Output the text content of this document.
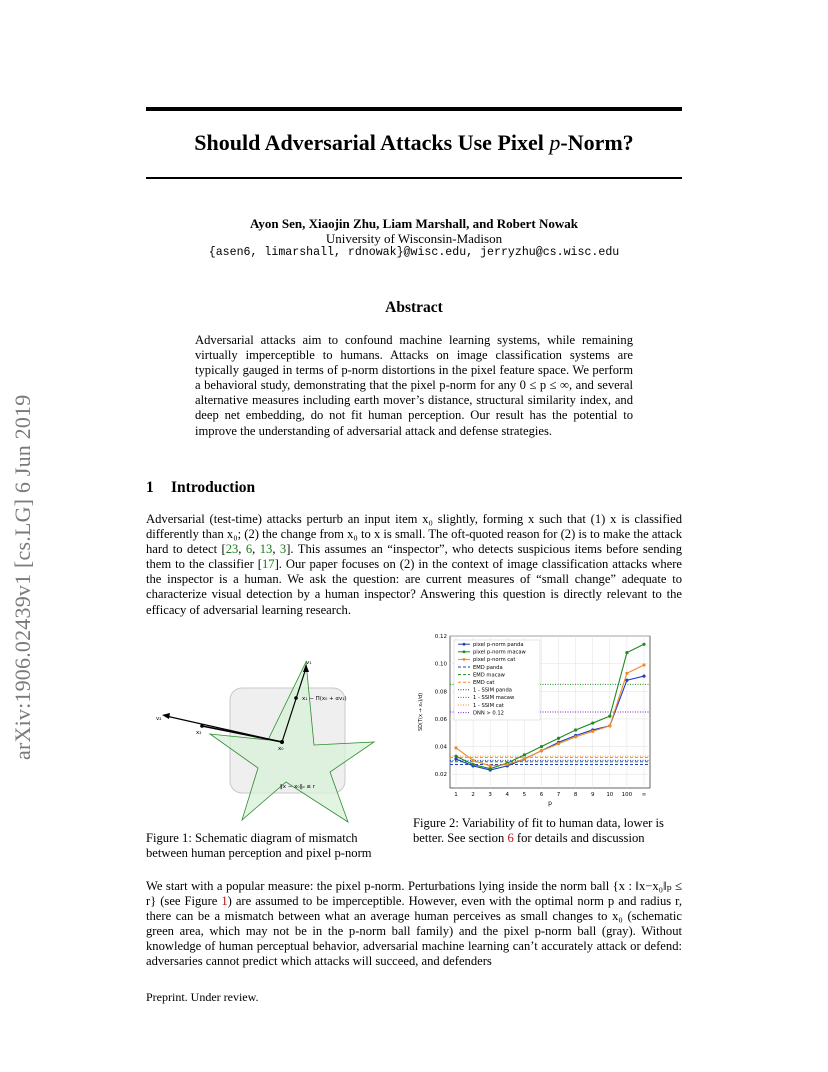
arXiv:1906.02439v1 [cs.LG] 6 Jun 2019
Should Adversarial Attacks Use Pixel p-Norm?
Ayon Sen, Xiaojin Zhu, Liam Marshall, and Robert Nowak
University of Wisconsin-Madison
{asen6, limarshall, rdnowak}@wisc.edu, jerryzhu@cs.wisc.edu
Abstract
Adversarial attacks aim to confound machine learning systems, while remaining virtually imperceptible to humans. Attacks on image classification systems are typically gauged in terms of p-norm distortions in the pixel feature space. We perform a behavioral study, demonstrating that the pixel p-norm for any 0 ≤ p ≤ ∞, and several alternative measures including earth mover’s distance, structural similarity index, and deep net embedding, do not fit human perception. Our result has the potential to improve the understanding of adversarial attack and defense strategies.
1 Introduction
Adversarial (test-time) attacks perturb an input item x₀ slightly, forming x such that (1) x is classified differently than x₀; (2) the change from x₀ to x is small. The oft-quoted reason for (2) is to make the attack hard to detect [23, 6, 13, 3]. This assumes an “inspector”, who detects suspicious items before sending them to the classifier [17]. Our paper focuses on (2) in the context of image classification attacks where the inspector is a human. We ask the question: are current measures of “small change” adequate to characterize visual detection by a human inspector? Answering this question is directly relevant to the efficacy of adversarial learning research.
v₁
v₂
x₀
x₂
x₁ − Π(x₀ + αv₁)
‖x − x₀‖ₚ ≤ r
0.02
0.04
0.06
0.08
0.10
0.12
1 2 3 4 5 6 7 8 9 10 100 ∞
p
SD(T(x → x₀)/d)
pixel p-norm panda
pixel p-norm macaw
pixel p-norm cat
EMD panda
EMD macaw
EMD cat
1 - SSIM panda
1 - SSIM macaw
1 - SSIM cat
DNN > 0.12
Figure 1: Schematic diagram of mismatch between human perception and pixel p-norm
Figure 2: Variability of fit to human data, lower is better. See section 6 for details and discussion
We start with a popular measure: the pixel p-norm. Perturbations lying inside the norm ball {x : ‖x−x₀‖ₚ ≤ r} (see Figure 1) are assumed to be imperceptible. However, even with the optimal norm p and radius r, there can be a mismatch between what an average human perceives as small changes to x₀ (schematic green area, which may not be in the p-norm ball family) and the pixel p-norm ball (gray). Without knowledge of human perceptual behavior, adversarial machine learning can’t accurately attack or defend: adversaries cannot predict which attacks will succeed, and defenders
Preprint. Under review.
